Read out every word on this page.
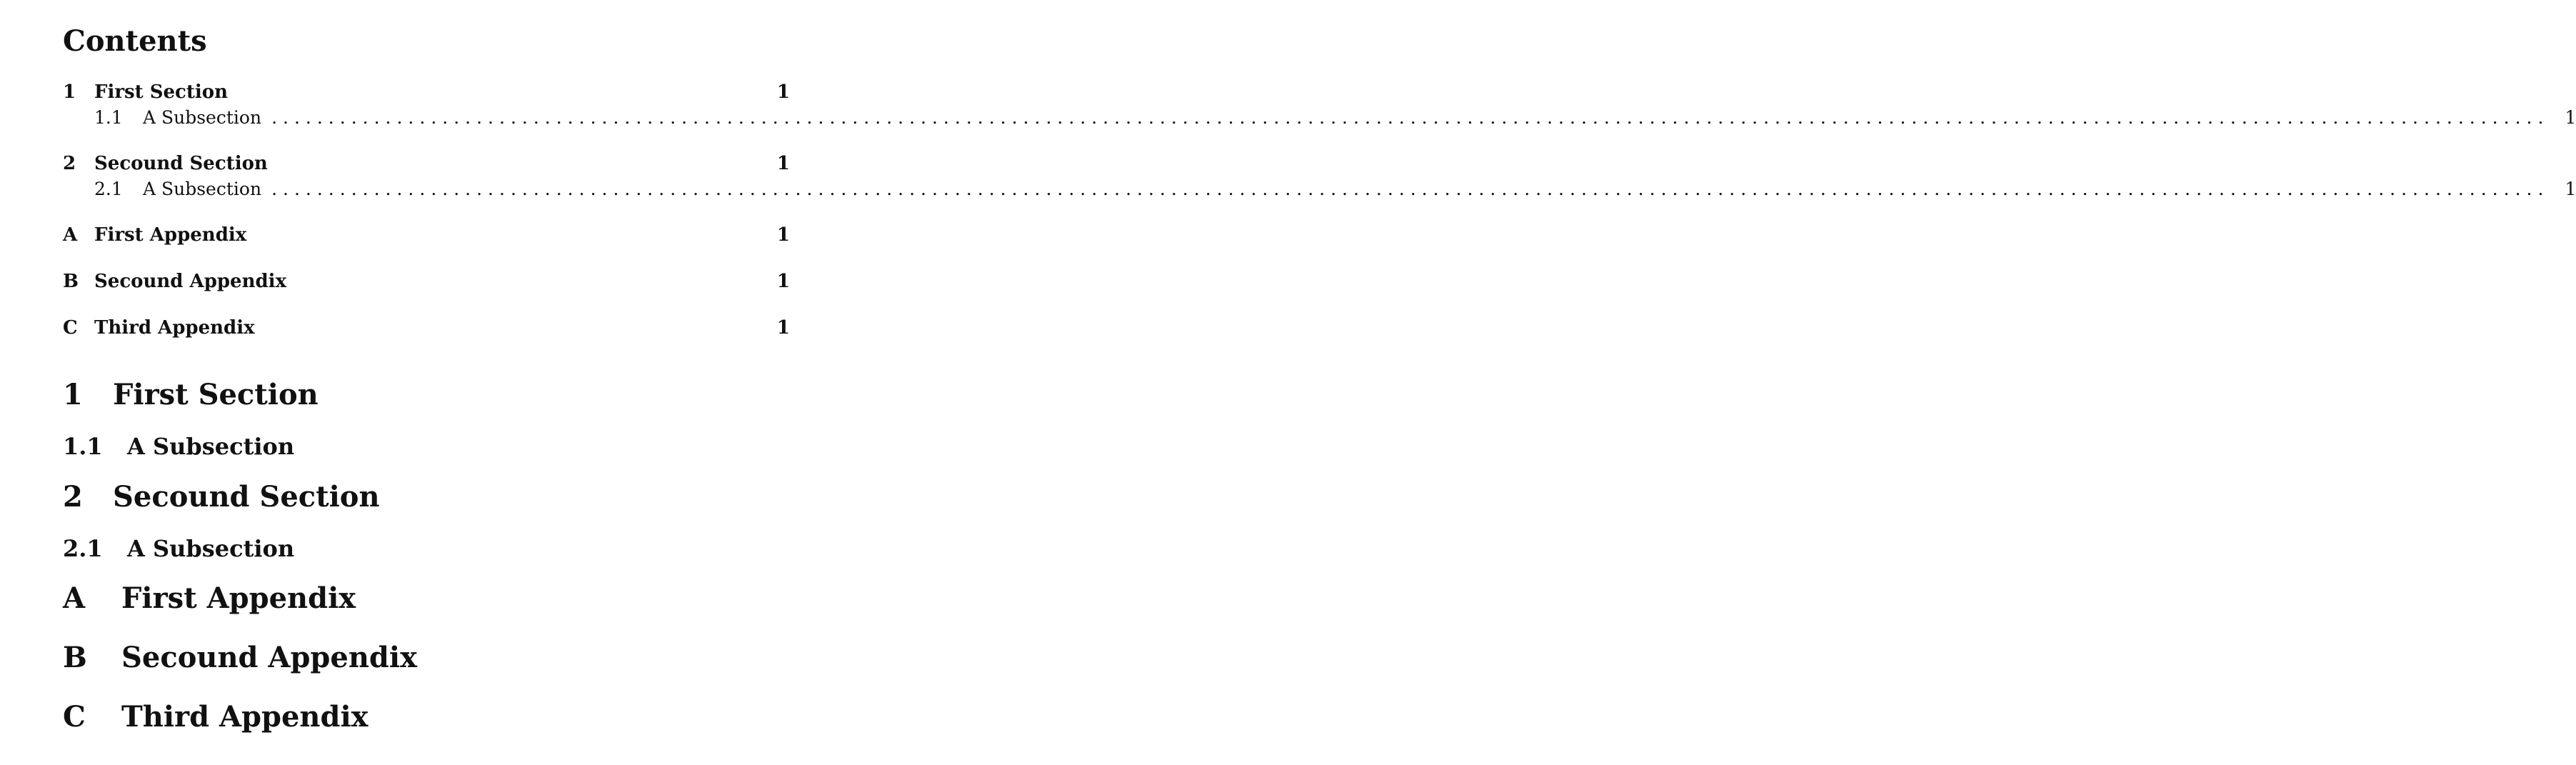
Contents
1 First Section	1
1.1	A Subsection ........................................................................................................................................................................................................ 1
2 Secound Section	1
2.1	A Subsection ........................................................................................................................................................................................................ 1
A First Appendix	1
B Secound Appendix	1
C Third Appendix	1
1	First Section
1.1	A Subsection
2	Secound Section
2.1	A Subsection
A	First Appendix
B	Secound Appendix
C	Third Appendix
